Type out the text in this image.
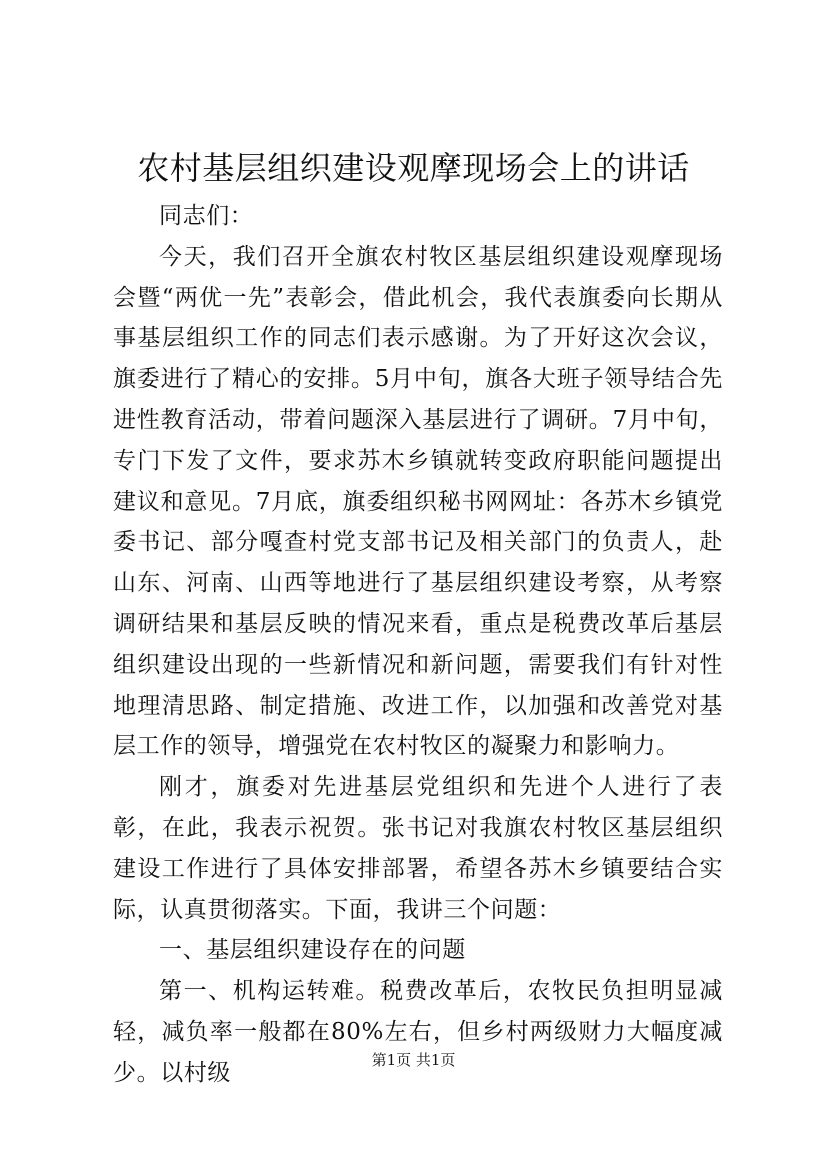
农村基层组织建设观摩现场会上的讲话

同志们：

今天，我们召开全旗农村牧区基层组织建设观摩现场会暨“两优一先”表彰会，借此机会，我代表旗委向长期从事基层组织工作的同志们表示感谢。为了开好这次会议，旗委进行了精心的安排。5月中旬，旗各大班子领导结合先进性教育活动，带着问题深入基层进行了调研。7月中旬，专门下发了文件，要求苏木乡镇就转变政府职能问题提出建议和意见。7月底，旗委组织秘书网网址：各苏木乡镇党委书记、部分嘎查村党支部书记及相关部门的负责人，赴山东、河南、山西等地进行了基层组织建设考察，从考察调研结果和基层反映的情况来看，重点是税费改革后基层组织建设出现的一些新情况和新问题，需要我们有针对性地理清思路、制定措施、改进工作，以加强和改善党对基层工作的领导，增强党在农村牧区的凝聚力和影响力。

刚才，旗委对先进基层党组织和先进个人进行了表彰，在此，我表示祝贺。张书记对我旗农村牧区基层组织建设工作进行了具体安排部署，希望各苏木乡镇要结合实际，认真贯彻落实。下面，我讲三个问题：

一、基层组织建设存在的问题

第一、机构运转难。税费改革后，农牧民负担明显减轻，减负率一般都在80%左右，但乡村两级财力大幅度减少。以村级	第1页 共1页
